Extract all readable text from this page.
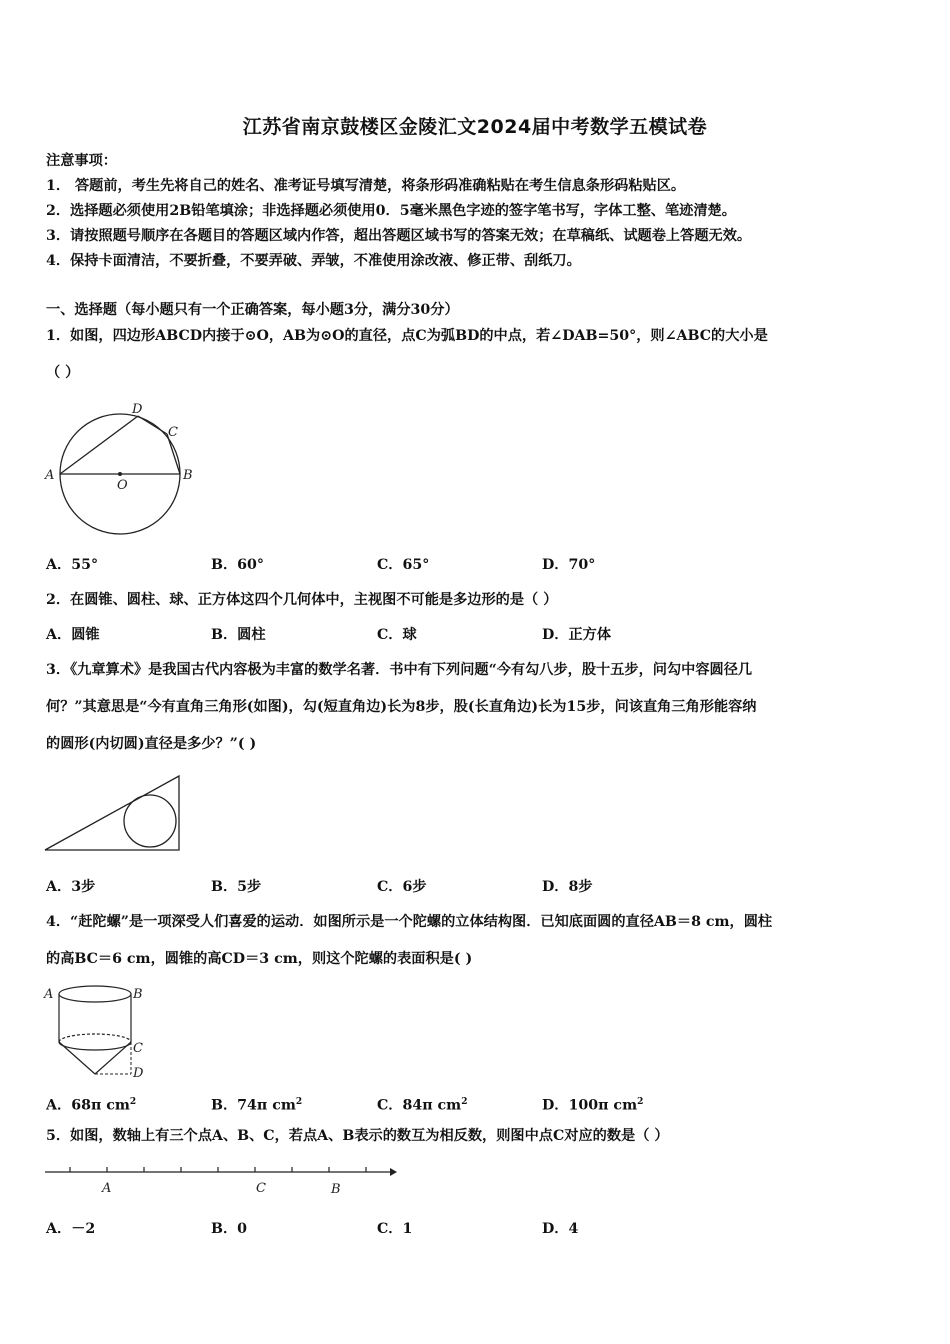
江苏省南京鼓楼区金陵汇文2024届中考数学五模试卷
注意事项：
1． 答题前，考生先将自己的姓名、准考证号填写清楚，将条形码准确粘贴在考生信息条形码粘贴区。
2．选择题必须使用2B铅笔填涂；非选择题必须使用0．5毫米黑色字迹的签字笔书写，字体工整、笔迹清楚。
3．请按照题号顺序在各题目的答题区域内作答，超出答题区域书写的答案无效；在草稿纸、试题卷上答题无效。
4．保持卡面清洁，不要折叠，不要弄破、弄皱，不准使用涂改液、修正带、刮纸刀。
一、选择题（每小题只有一个正确答案，每小题3分，满分30分）
1．如图，四边形ABCD内接于⊙O，AB为⊙O的直径，点C为弧BD的中点，若∠DAB=50°，则∠ABC的大小是
（ ）
A	B
C
D
O
A．55°	B．60°	C．65°	D．70°
2．在圆锥、圆柱、球、正方体这四个几何体中，主视图不可能是多边形的是（ ）
A．圆锥	B．圆柱	C．球	D．正方体
3．《九章算术》是我国古代内容极为丰富的数学名著．书中有下列问题“今有勾八步，股十五步，问勾中容圆径几
何？”其意思是“今有直角三角形(如图)，勾(短直角边)长为8步，股(长直角边)长为15步，问该直角三角形能容纳
的圆形(内切圆)直径是多少？”( )
A．3步	B．5步	C．6步	D．8步
4．“赶陀螺”是一项深受人们喜爱的运动．如图所示是一个陀螺的立体结构图．已知底面圆的直径AB＝8 cm，圆柱
的高BC＝6 cm，圆锥的高CD＝3 cm，则这个陀螺的表面积是( )
A	B
C
D
A．68π $cm^2$	B．74π $cm^2$	C．84π $cm^2$	D．100π $cm^2$
5．如图，数轴上有三个点A、B、C，若点A、B表示的数互为相反数，则图中点C对应的数是（ ）
A	C	B
A．－2	B．0	C．1	D．4
